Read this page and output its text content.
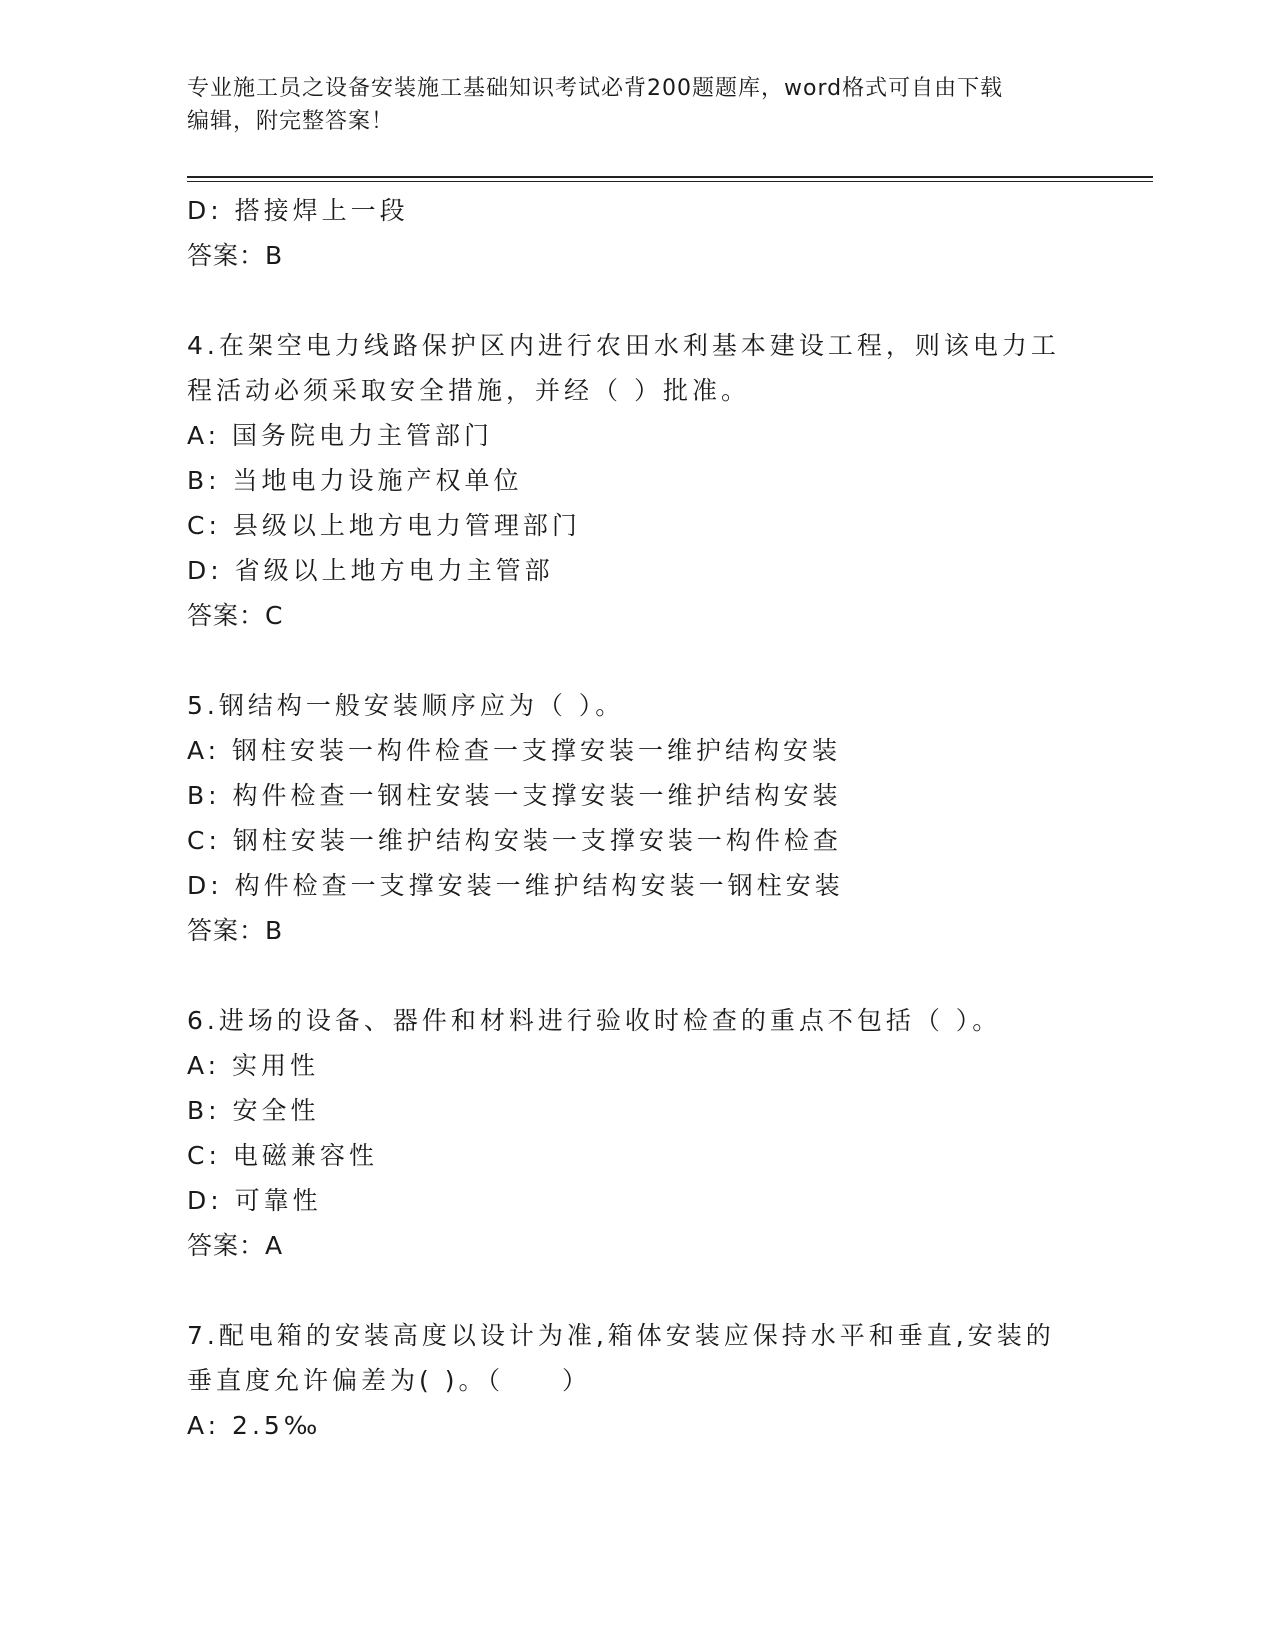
专业施工员之设备安装施工基础知识考试必背200题题库，word格式可自由下载
编辑，附完整答案！
D: 搭接焊上一段
答案：B
4.在架空电力线路保护区内进行农田水利基本建设工程，则该电力工
程活动必须采取安全措施，并经（ ）批准。
A: 国务院电力主管部门
B: 当地电力设施产权单位
C: 县级以上地方电力管理部门
D: 省级以上地方电力主管部
答案：C
5.钢结构一般安装顺序应为（ ）。
A: 钢柱安装一构件检查一支撑安装一维护结构安装
B: 构件检查一钢柱安装一支撑安装一维护结构安装
C: 钢柱安装一维护结构安装一支撑安装一构件检查
D: 构件检查一支撑安装一维护结构安装一钢柱安装
答案：B
6.进场的设备、器件和材料进行验收时检查的重点不包括（ ）。
A: 实用性
B: 安全性
C: 电磁兼容性
D: 可靠性
答案：A
7.配电箱的安装高度以设计为准,箱体安装应保持水平和垂直,安装的
垂直度允许偏差为( )。（　　）
A: 2.5‰
